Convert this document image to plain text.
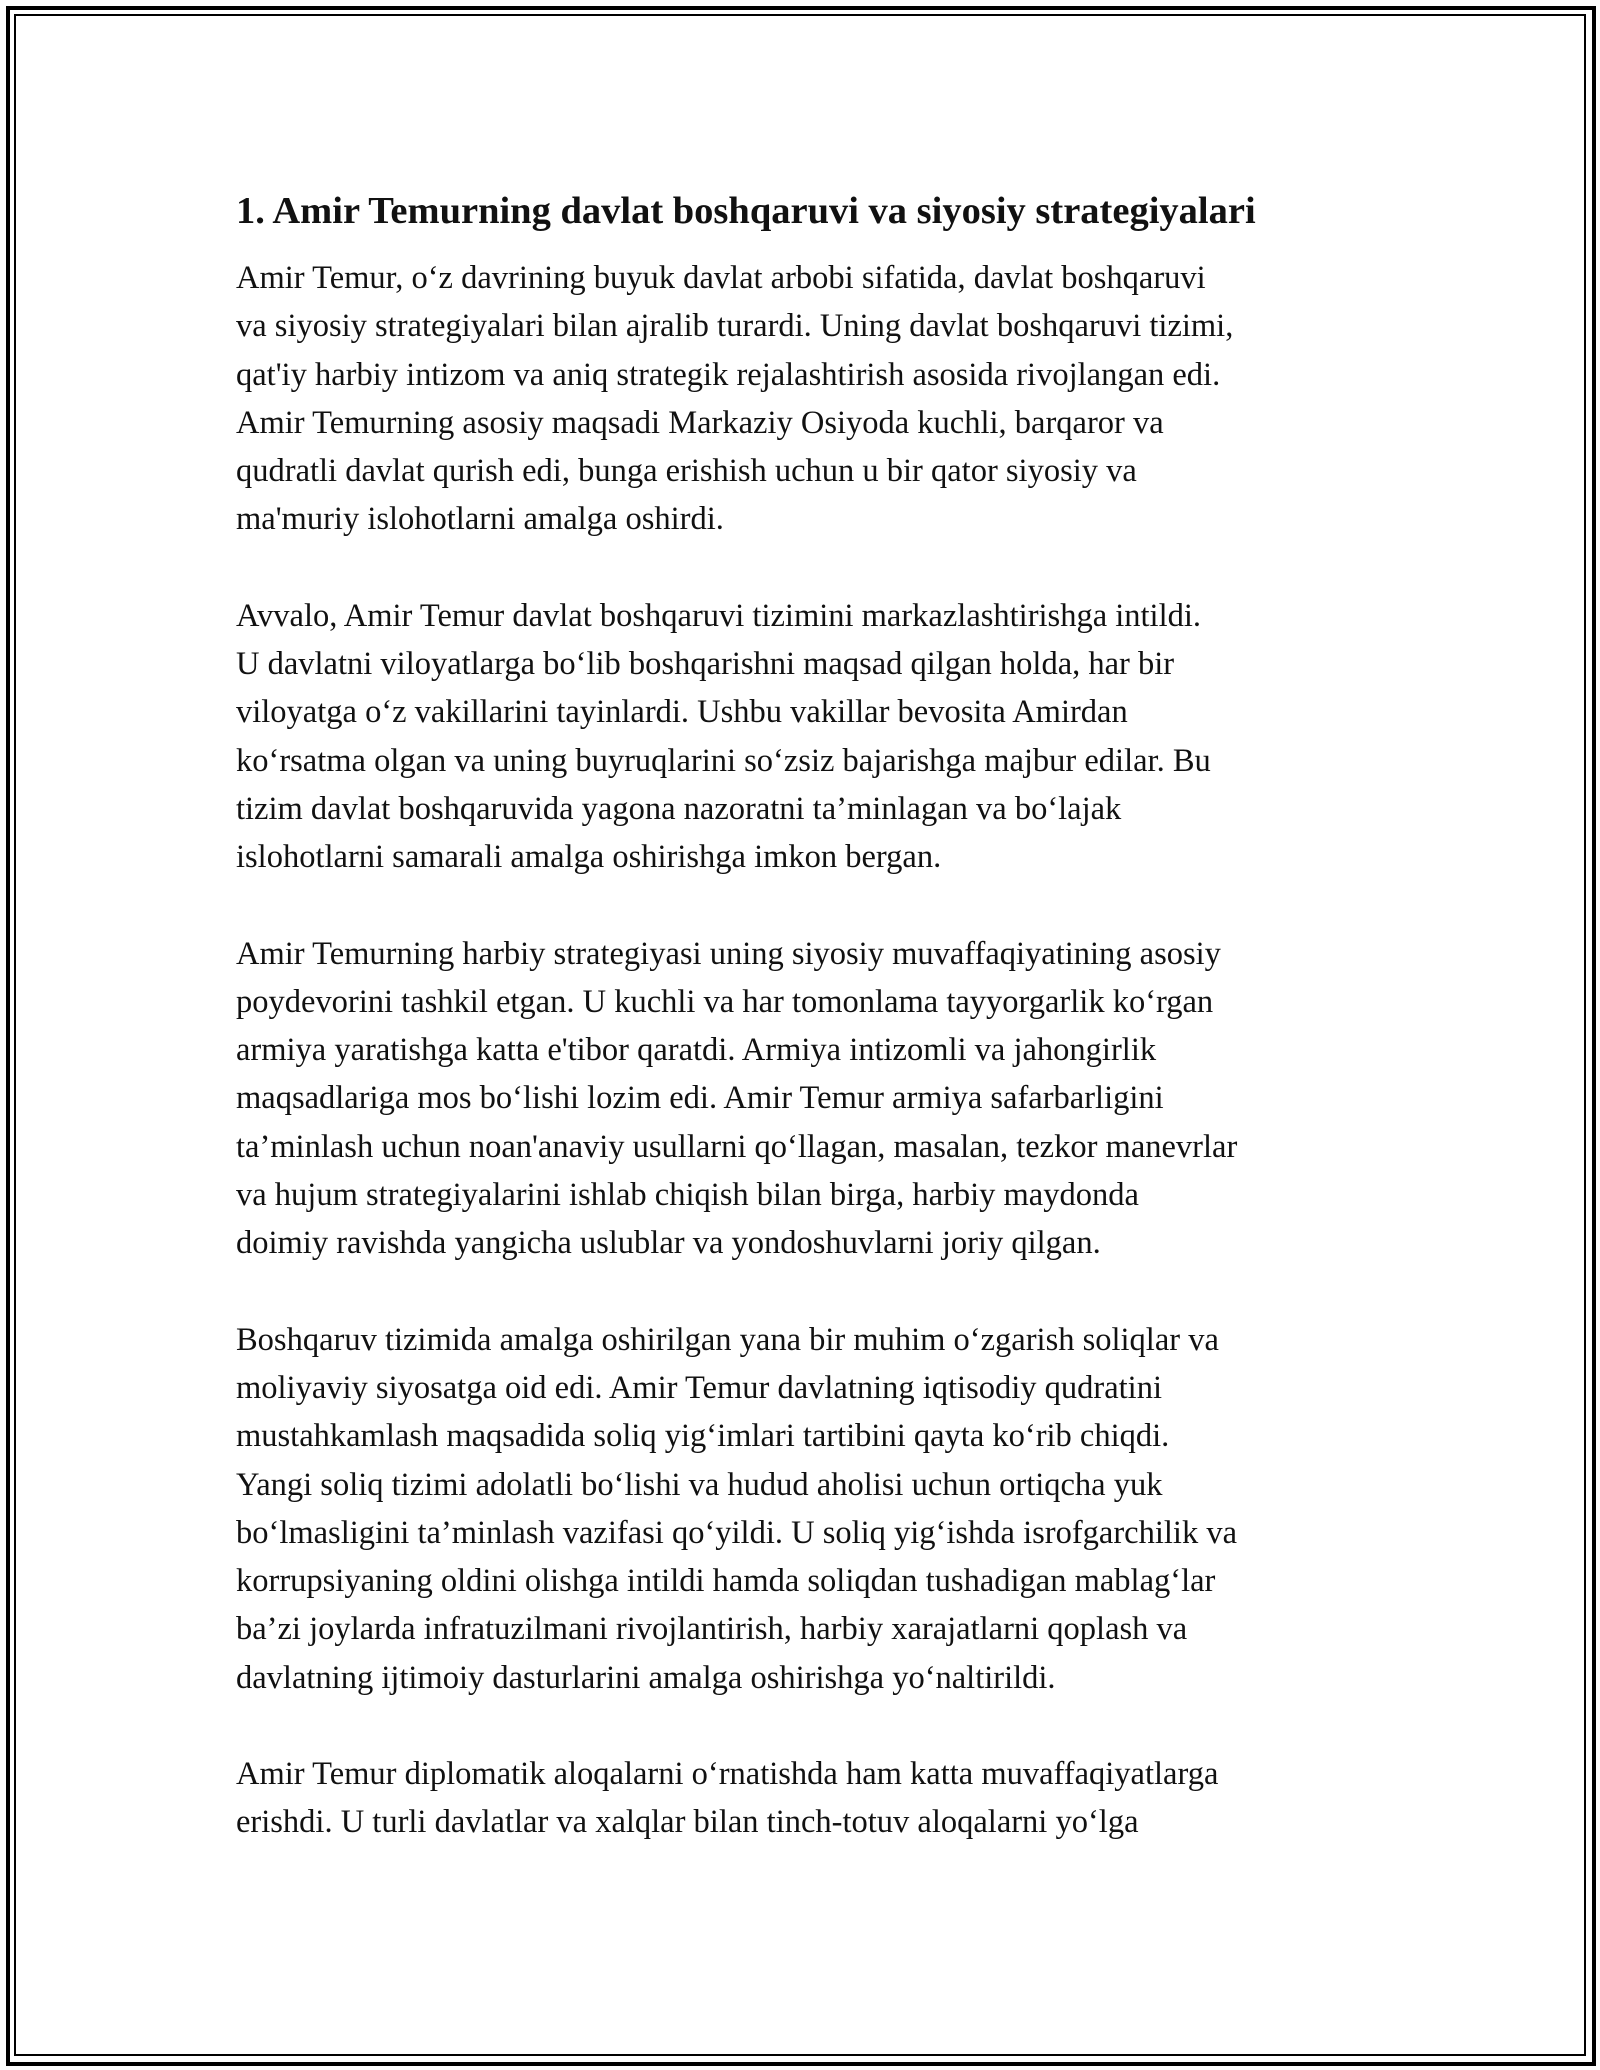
1. Amir Temurning davlat boshqaruvi va siyosiy strategiyalari

Amir Temur, o‘z davrining buyuk davlat arbobi sifatida, davlat boshqaruvi
va siyosiy strategiyalari bilan ajralib turardi. Uning davlat boshqaruvi tizimi,
qat'iy harbiy intizom va aniq strategik rejalashtirish asosida rivojlangan edi.
Amir Temurning asosiy maqsadi Markaziy Osiyoda kuchli, barqaror va
qudratli davlat qurish edi, bunga erishish uchun u bir qator siyosiy va
ma'muriy islohotlarni amalga oshirdi.

Avvalo, Amir Temur davlat boshqaruvi tizimini markazlashtirishga intildi.
U davlatni viloyatlarga bo‘lib boshqarishni maqsad qilgan holda, har bir
viloyatga o‘z vakillarini tayinlardi. Ushbu vakillar bevosita Amirdan
ko‘rsatma olgan va uning buyruqlarini so‘zsiz bajarishga majbur edilar. Bu
tizim davlat boshqaruvida yagona nazoratni ta’minlagan va bo‘lajak
islohotlarni samarali amalga oshirishga imkon bergan.

Amir Temurning harbiy strategiyasi uning siyosiy muvaffaqiyatining asosiy
poydevorini tashkil etgan. U kuchli va har tomonlama tayyorgarlik ko‘rgan
armiya yaratishga katta e'tibor qaratdi. Armiya intizomli va jahongirlik
maqsadlariga mos bo‘lishi lozim edi. Amir Temur armiya safarbarligini
ta’minlash uchun noan'anaviy usullarni qo‘llagan, masalan, tezkor manevrlar
va hujum strategiyalarini ishlab chiqish bilan birga, harbiy maydonda
doimiy ravishda yangicha uslublar va yondoshuvlarni joriy qilgan.

Boshqaruv tizimida amalga oshirilgan yana bir muhim o‘zgarish soliqlar va
moliyaviy siyosatga oid edi. Amir Temur davlatning iqtisodiy qudratini
mustahkamlash maqsadida soliq yig‘imlari tartibini qayta ko‘rib chiqdi.
Yangi soliq tizimi adolatli bo‘lishi va hudud aholisi uchun ortiqcha yuk
bo‘lmasligini ta’minlash vazifasi qo‘yildi. U soliq yig‘ishda isrofgarchilik va
korrupsiyaning oldini olishga intildi hamda soliqdan tushadigan mablag‘lar
ba’zi joylarda infratuzilmani rivojlantirish, harbiy xarajatlarni qoplash va
davlatning ijtimoiy dasturlarini amalga oshirishga yo‘naltirildi.

Amir Temur diplomatik aloqalarni o‘rnatishda ham katta muvaffaqiyatlarga
erishdi. U turli davlatlar va xalqlar bilan tinch-totuv aloqalarni yo‘lga
